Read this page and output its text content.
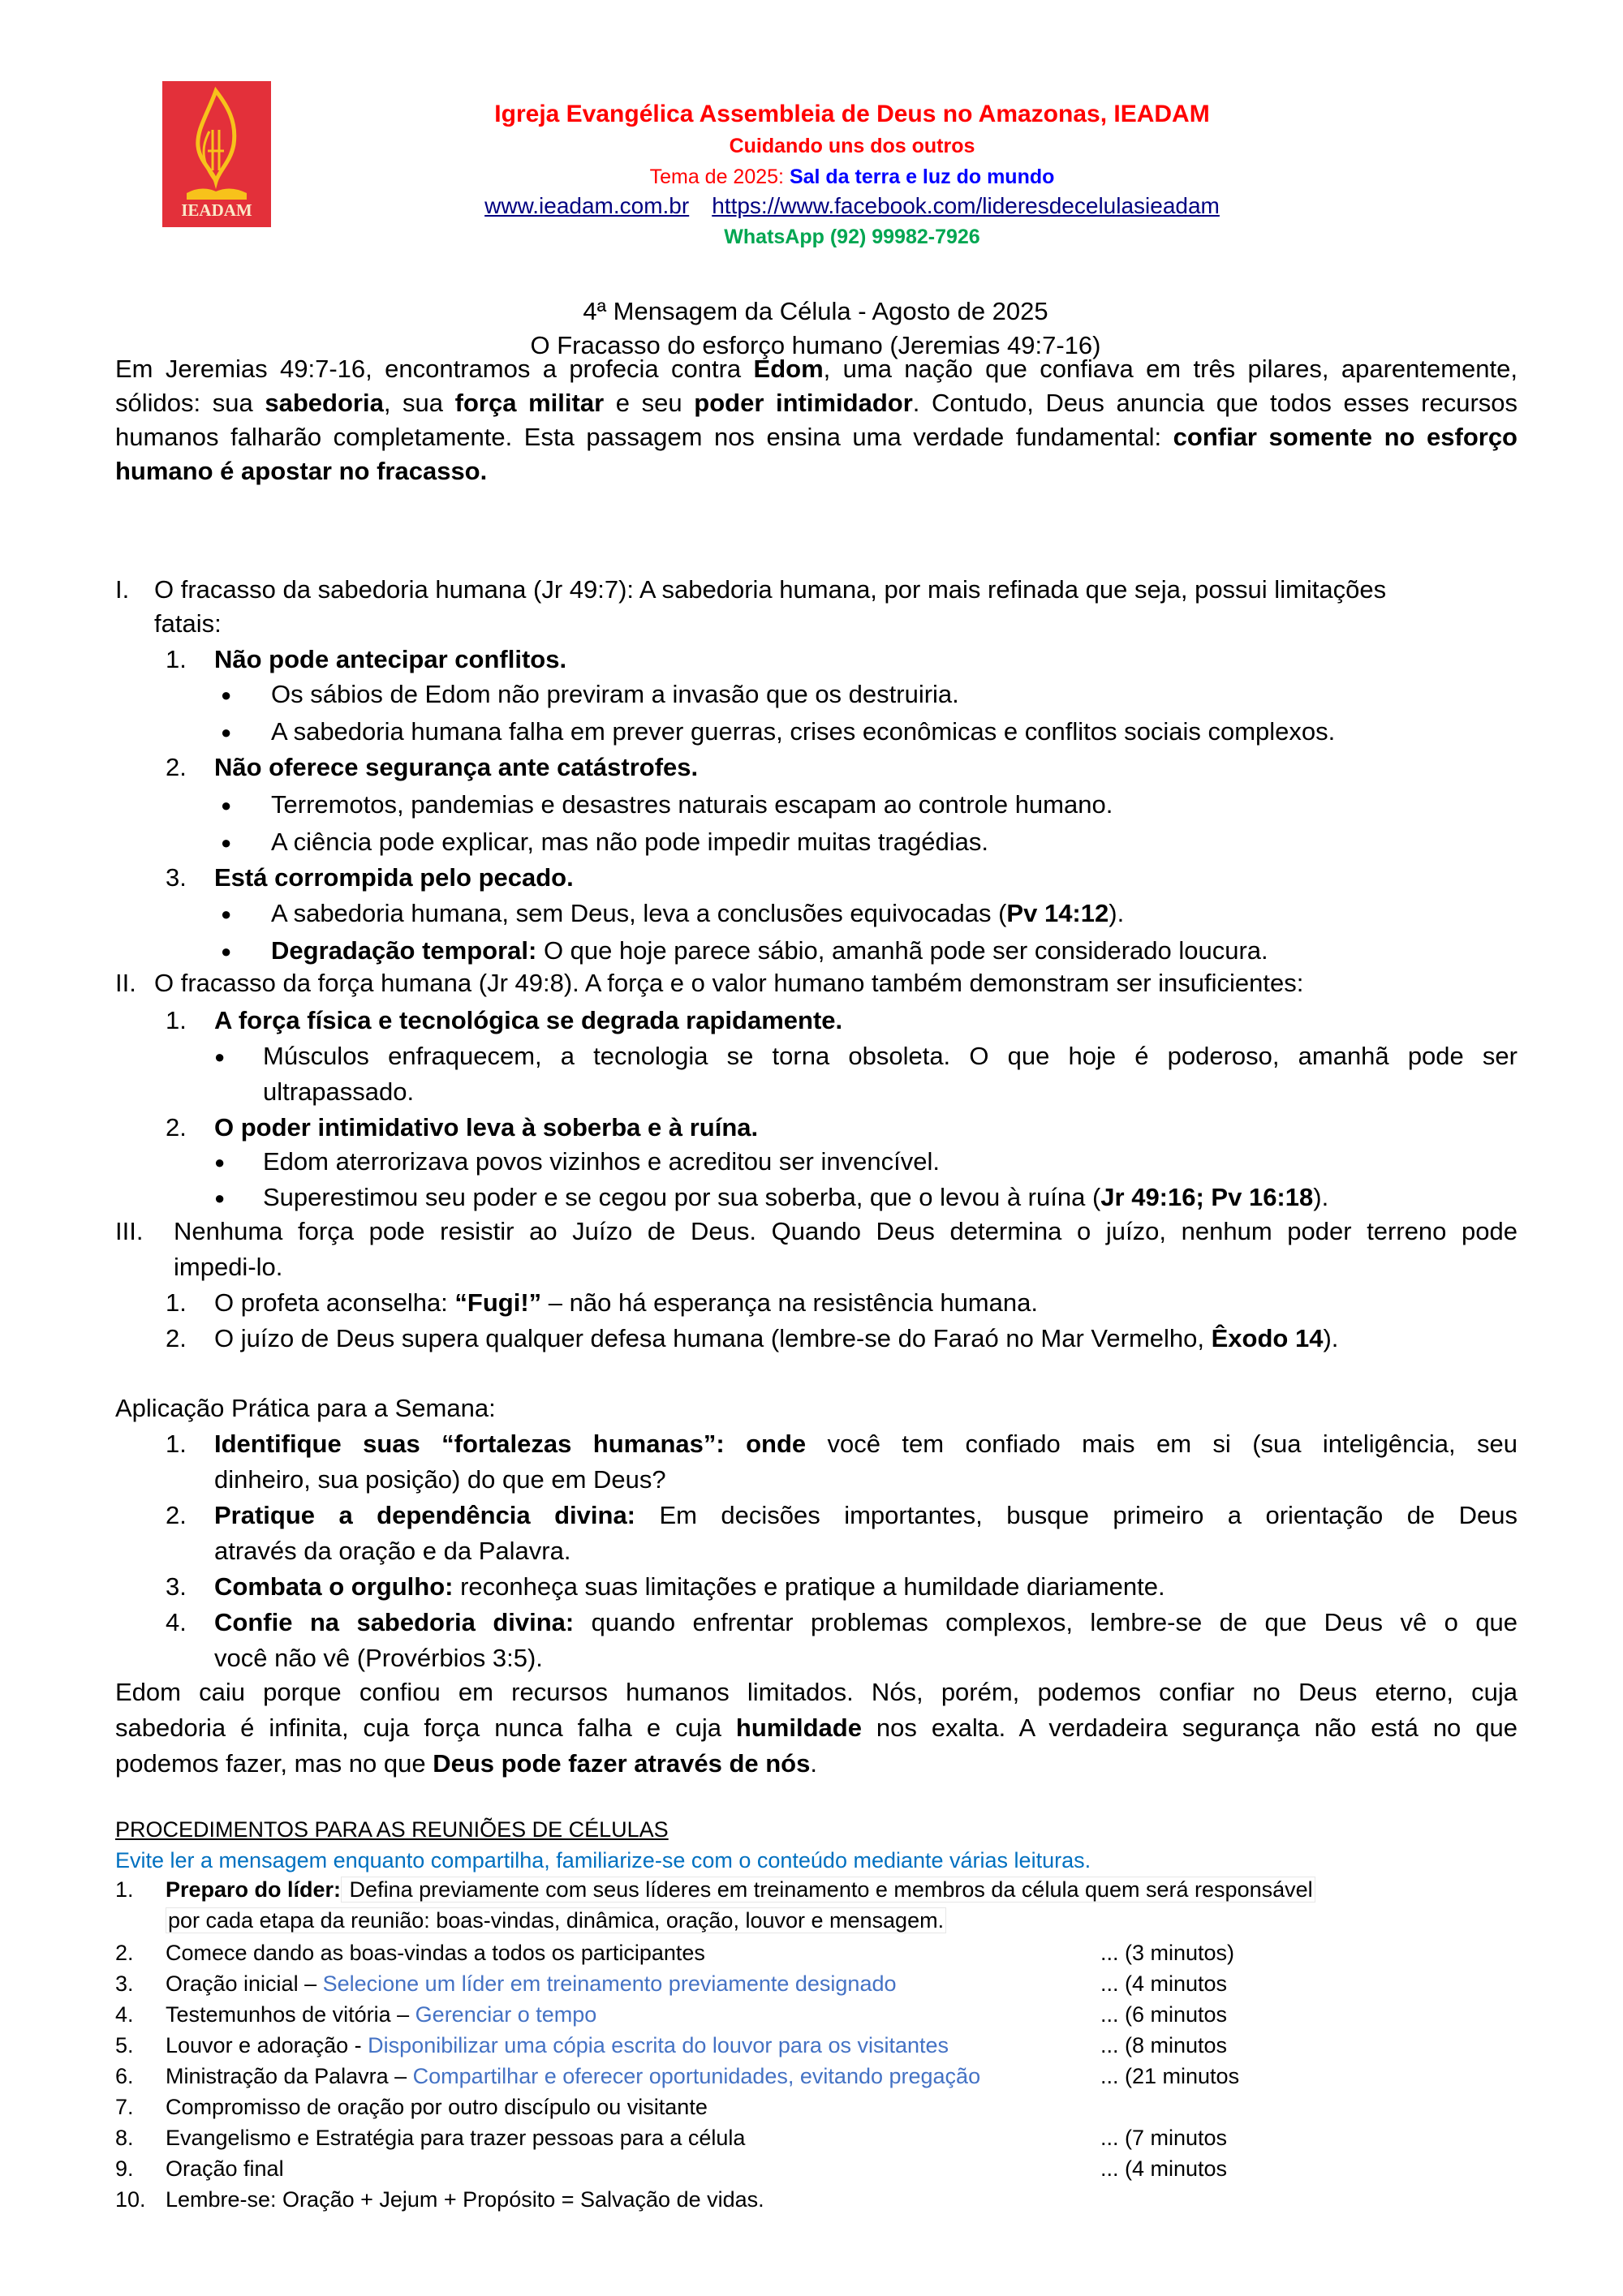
IEADAM
Igreja Evangélica Assembleia de Deus no Amazonas, IEADAM
Cuidando uns dos outros
Tema de 2025: Sal da terra e luz do mundo
www.ieadam.com.br https://www.facebook.com/lideresdecelulasieadam
WhatsApp (92) 99982-7926
4ª Mensagem da Célula - Agosto de 2025
O Fracasso do esforço humano (Jeremias 49:7-16)
Em Jeremias 49:7-16, encontramos a profecia contra Edom, uma nação que confiava em três pilares, aparentemente, sólidos: sua sabedoria, sua força militar e seu poder intimidador. Contudo, Deus anuncia que todos esses recursos humanos falharão completamente. Esta passagem nos ensina uma verdade fundamental: confiar somente no esforço humano é apostar no fracasso.
I. O fracasso da sabedoria humana (Jr 49:7): A sabedoria humana, por mais refinada que seja, possui limitações
fatais:
1. Não pode antecipar conflitos.
● Os sábios de Edom não previram a invasão que os destruiria.
● A sabedoria humana falha em prever guerras, crises econômicas e conflitos sociais complexos.
2. Não oferece segurança ante catástrofes.
● Terremotos, pandemias e desastres naturais escapam ao controle humano.
● A ciência pode explicar, mas não pode impedir muitas tragédias.
3. Está corrompida pelo pecado.
● A sabedoria humana, sem Deus, leva a conclusões equivocadas (Pv 14:12).
● Degradação temporal: O que hoje parece sábio, amanhã pode ser considerado loucura.
II. O fracasso da força humana (Jr 49:8). A força e o valor humano também demonstram ser insuficientes:
1. A força física e tecnológica se degrada rapidamente.
● Músculos enfraquecem, a tecnologia se torna obsoleta. O que hoje é poderoso, amanhã pode ser
ultrapassado.
2. O poder intimidativo leva à soberba e à ruína.
● Edom aterrorizava povos vizinhos e acreditou ser invencível.
● Superestimou seu poder e se cegou por sua soberba, que o levou à ruína (Jr 49:16; Pv 16:18).
III. Nenhuma força pode resistir ao Juízo de Deus. Quando Deus determina o juízo, nenhum poder terreno pode
impedi-lo.
1. O profeta aconselha: “Fugi!” – não há esperança na resistência humana.
2. O juízo de Deus supera qualquer defesa humana (lembre-se do Faraó no Mar Vermelho, Êxodo 14).
Aplicação Prática para a Semana:
1. Identifique suas “fortalezas humanas”: onde você tem confiado mais em si (sua inteligência, seu
dinheiro, sua posição) do que em Deus?
2. Pratique a dependência divina: Em decisões importantes, busque primeiro a orientação de Deus
através da oração e da Palavra.
3. Combata o orgulho: reconheça suas limitações e pratique a humildade diariamente.
4. Confie na sabedoria divina: quando enfrentar problemas complexos, lembre-se de que Deus vê o que
você não vê (Provérbios 3:5).
Edom caiu porque confiou em recursos humanos limitados. Nós, porém, podemos confiar no Deus eterno, cuja
sabedoria é infinita, cuja força nunca falha e cuja humildade nos exalta. A verdadeira segurança não está no que
podemos fazer, mas no que Deus pode fazer através de nós.
PROCEDIMENTOS PARA AS REUNIÕES DE CÉLULAS
Evite ler a mensagem enquanto compartilha, familiarize-se com o conteúdo mediante várias leituras.
1. Preparo do líder: Defina previamente com seus líderes em treinamento e membros da célula quem será responsável
por cada etapa da reunião: boas-vindas, dinâmica, oração, louvor e mensagem.
2. Comece dando as boas-vindas a todos os participantes	... (3 minutos)
3. Oração inicial – Selecione um líder em treinamento previamente designado	... (4 minutos
4. Testemunhos de vitória – Gerenciar o tempo	... (6 minutos
5. Louvor e adoração - Disponibilizar uma cópia escrita do louvor para os visitantes	... (8 minutos
6. Ministração da Palavra – Compartilhar e oferecer oportunidades, evitando pregação	... (21 minutos
7. Compromisso de oração por outro discípulo ou visitante
8. Evangelismo e Estratégia para trazer pessoas para a célula	... (7 minutos
9. Oração final	... (4 minutos
10. Lembre-se: Oração + Jejum + Propósito = Salvação de vidas.
